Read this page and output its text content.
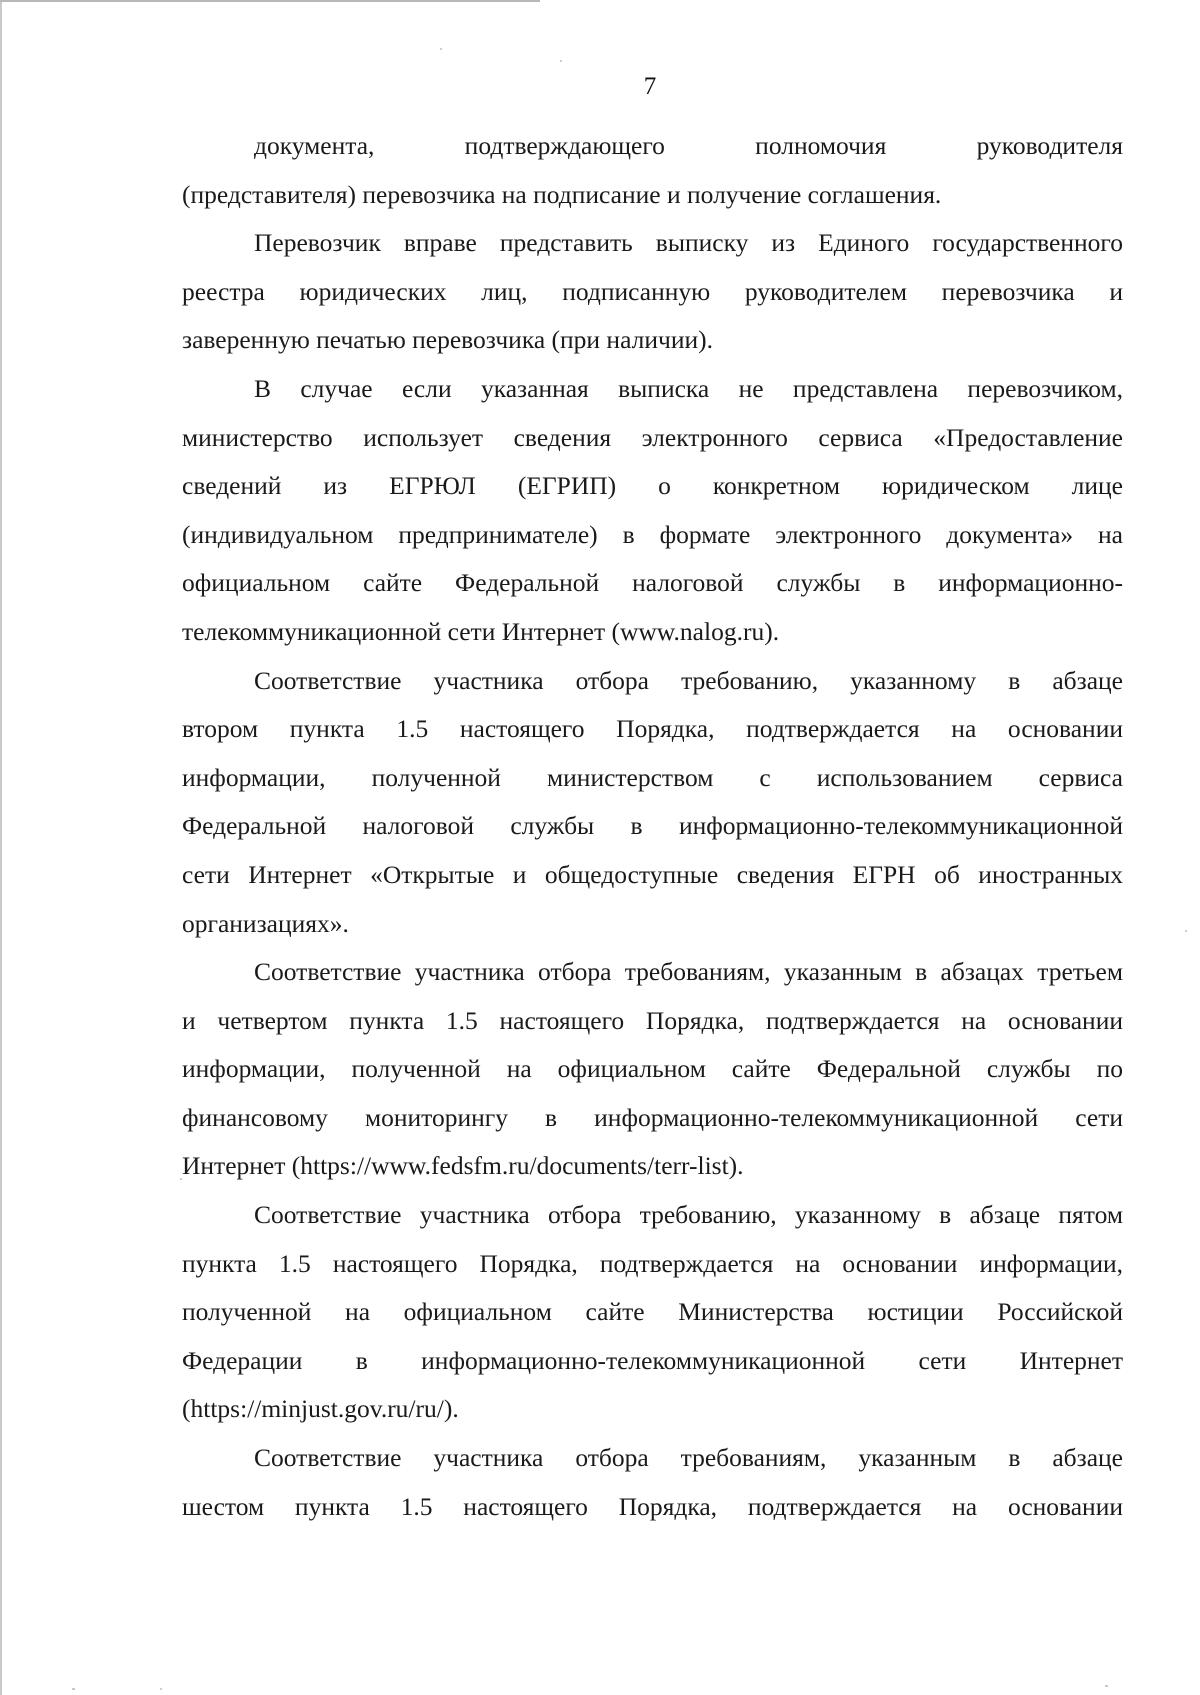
7

документа, подтверждающего полномочия руководителя
(представителя) перевозчика на подписание и получение соглашения.

Перевозчик вправе представить выписку из Единого государственного
реестра юридических лиц, подписанную руководителем перевозчика и
заверенную печатью перевозчика (при наличии).

В случае если указанная выписка не представлена перевозчиком,
министерство использует сведения электронного сервиса «Предоставление
сведений из ЕГРЮЛ (ЕГРИП) о конкретном юридическом лице
(индивидуальном предпринимателе) в формате электронного документа» на
официальном сайте Федеральной налоговой службы в информационно-
телекоммуникационной сети Интернет (www.nalog.ru).

Соответствие участника отбора требованию, указанному в абзаце
втором пункта 1.5 настоящего Порядка, подтверждается на основании
информации, полученной министерством с использованием сервиса
Федеральной налоговой службы в информационно-телекоммуникационной
сети Интернет «Открытые и общедоступные сведения ЕГРН об иностранных
организациях».

Соответствие участника отбора требованиям, указанным в абзацах третьем
и четвертом пункта 1.5 настоящего Порядка, подтверждается на основании
информации, полученной на официальном сайте Федеральной службы по
финансовому мониторингу в информационно-телекоммуникационной сети
Интернет (https://www.fedsfm.ru/documents/terr-list).

Соответствие участника отбора требованию, указанному в абзаце пятом
пункта 1.5 настоящего Порядка, подтверждается на основании информации,
полученной на официальном сайте Министерства юстиции Российской
Федерации в информационно-телекоммуникационной сети Интернет
(https://minjust.gov.ru/ru/).

Соответствие участника отбора требованиям, указанным в абзаце
шестом пункта 1.5 настоящего Порядка, подтверждается на основании
